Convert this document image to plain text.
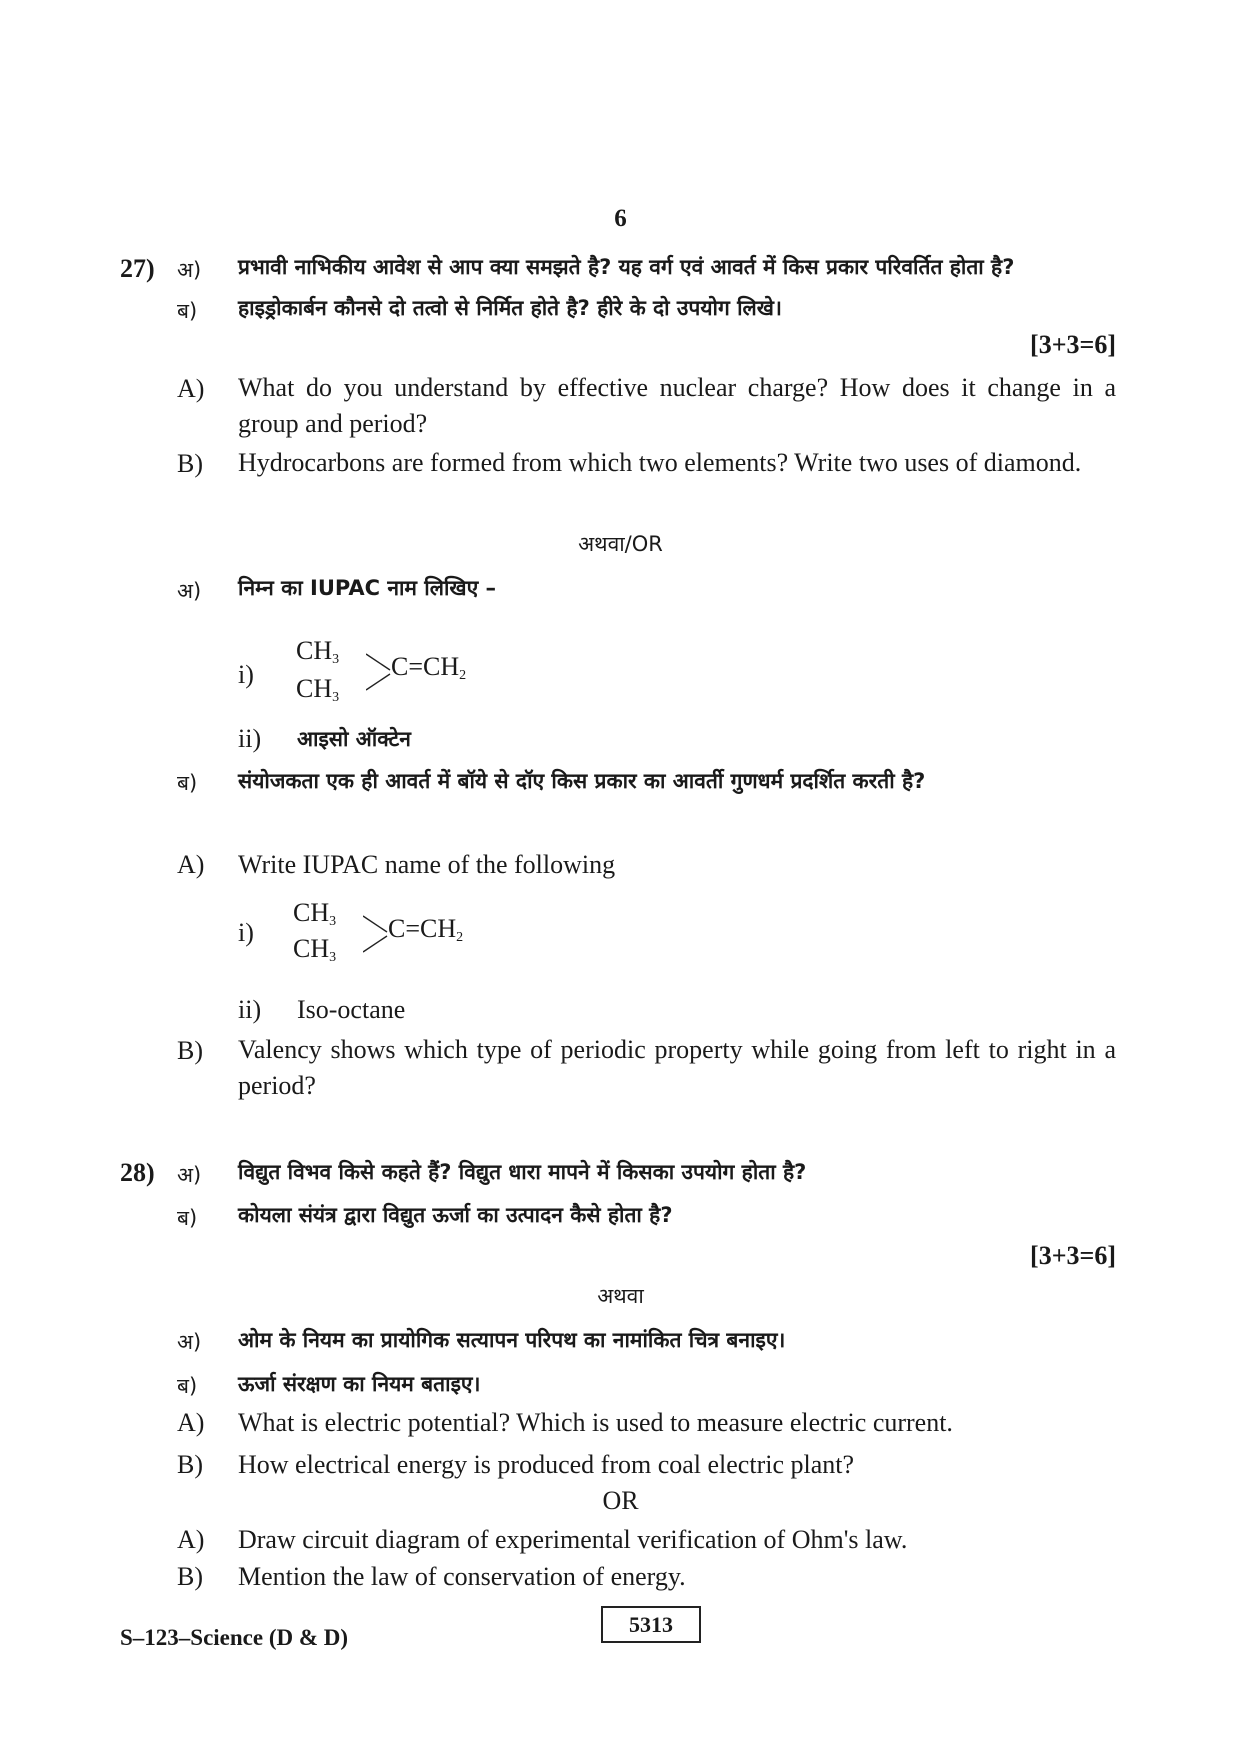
6
27) अ) प्रभावी नाभिकीय आवेश से आप क्या समझते है? यह वर्ग एवं आवर्त में किस प्रकार परिवर्तित होता है?
ब) हाइड्रोकार्बन कौनसे दो तत्वो से निर्मित होते है? हीरे के दो उपयोग लिखे।
[3+3=6]
A) What do you understand by effective nuclear charge? How does it change in a group and period?
B) Hydrocarbons are formed from which two elements? Write two uses of diamond.
अथवा/OR
अ) निम्न का IUPAC नाम लिखिए –
i)
$CH_3$
$CH_3$
$C=CH_2$
ii) आइसो ऑक्टेन
ब) संयोजकता एक ही आवर्त में बॉये से दॉए किस प्रकार का आवर्ती गुणधर्म प्रदर्शित करती है?
A) Write IUPAC name of the following
i)
$CH_3$
$CH_3$
$C=CH_2$
ii) Iso-octane
B) Valency shows which type of periodic property while going from left to right in a period?
28) अ) विद्युत विभव किसे कहते हैं? विद्युत धारा मापने में किसका उपयोग होता है?
ब) कोयला संयंत्र द्वारा विद्युत ऊर्जा का उत्पादन कैसे होता है?
[3+3=6]
अथवा
अ) ओम के नियम का प्रायोगिक सत्यापन परिपथ का नामांकित चित्र बनाइए।
ब) ऊर्जा संरक्षण का नियम बताइए।
A) What is electric potential? Which is used to measure electric current.
B) How electrical energy is produced from coal electric plant?
OR
A) Draw circuit diagram of experimental verification of Ohm's law.
B) Mention the law of conservation of energy.
S–123–Science (D & D)
5313
